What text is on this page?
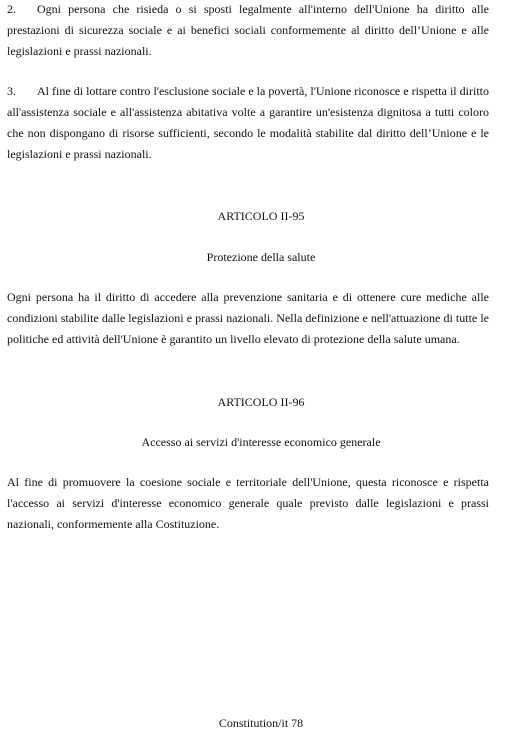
2. Ogni persona che risieda o si sposti legalmente all'interno dell'Unione ha diritto alle prestazioni di sicurezza sociale e ai benefici sociali conformemente al diritto dell’Unione e alle legislazioni e prassi nazionali.

3. Al fine di lottare contro l'esclusione sociale e la povertà, l'Unione riconosce e rispetta il diritto all'assistenza sociale e all'assistenza abitativa volte a garantire un'esistenza dignitosa a tutti coloro che non dispongano di risorse sufficienti, secondo le modalità stabilite dal diritto dell’Unione e le legislazioni e prassi nazionali.

ARTICOLO II-95

Protezione della salute

Ogni persona ha il diritto di accedere alla prevenzione sanitaria e di ottenere cure mediche alle condizioni stabilite dalle legislazioni e prassi nazionali. Nella definizione e nell'attuazione di tutte le politiche ed attività dell'Unione è garantito un livello elevato di protezione della salute umana.

ARTICOLO II-96

Accesso ai servizi d'interesse economico generale

Al fine di promuovere la coesione sociale e territoriale dell'Unione, questa riconosce e rispetta l'accesso ai servizi d'interesse economico generale quale previsto dalle legislazioni e prassi nazionali, conformemente alla Costituzione.

Constitution/it 78
